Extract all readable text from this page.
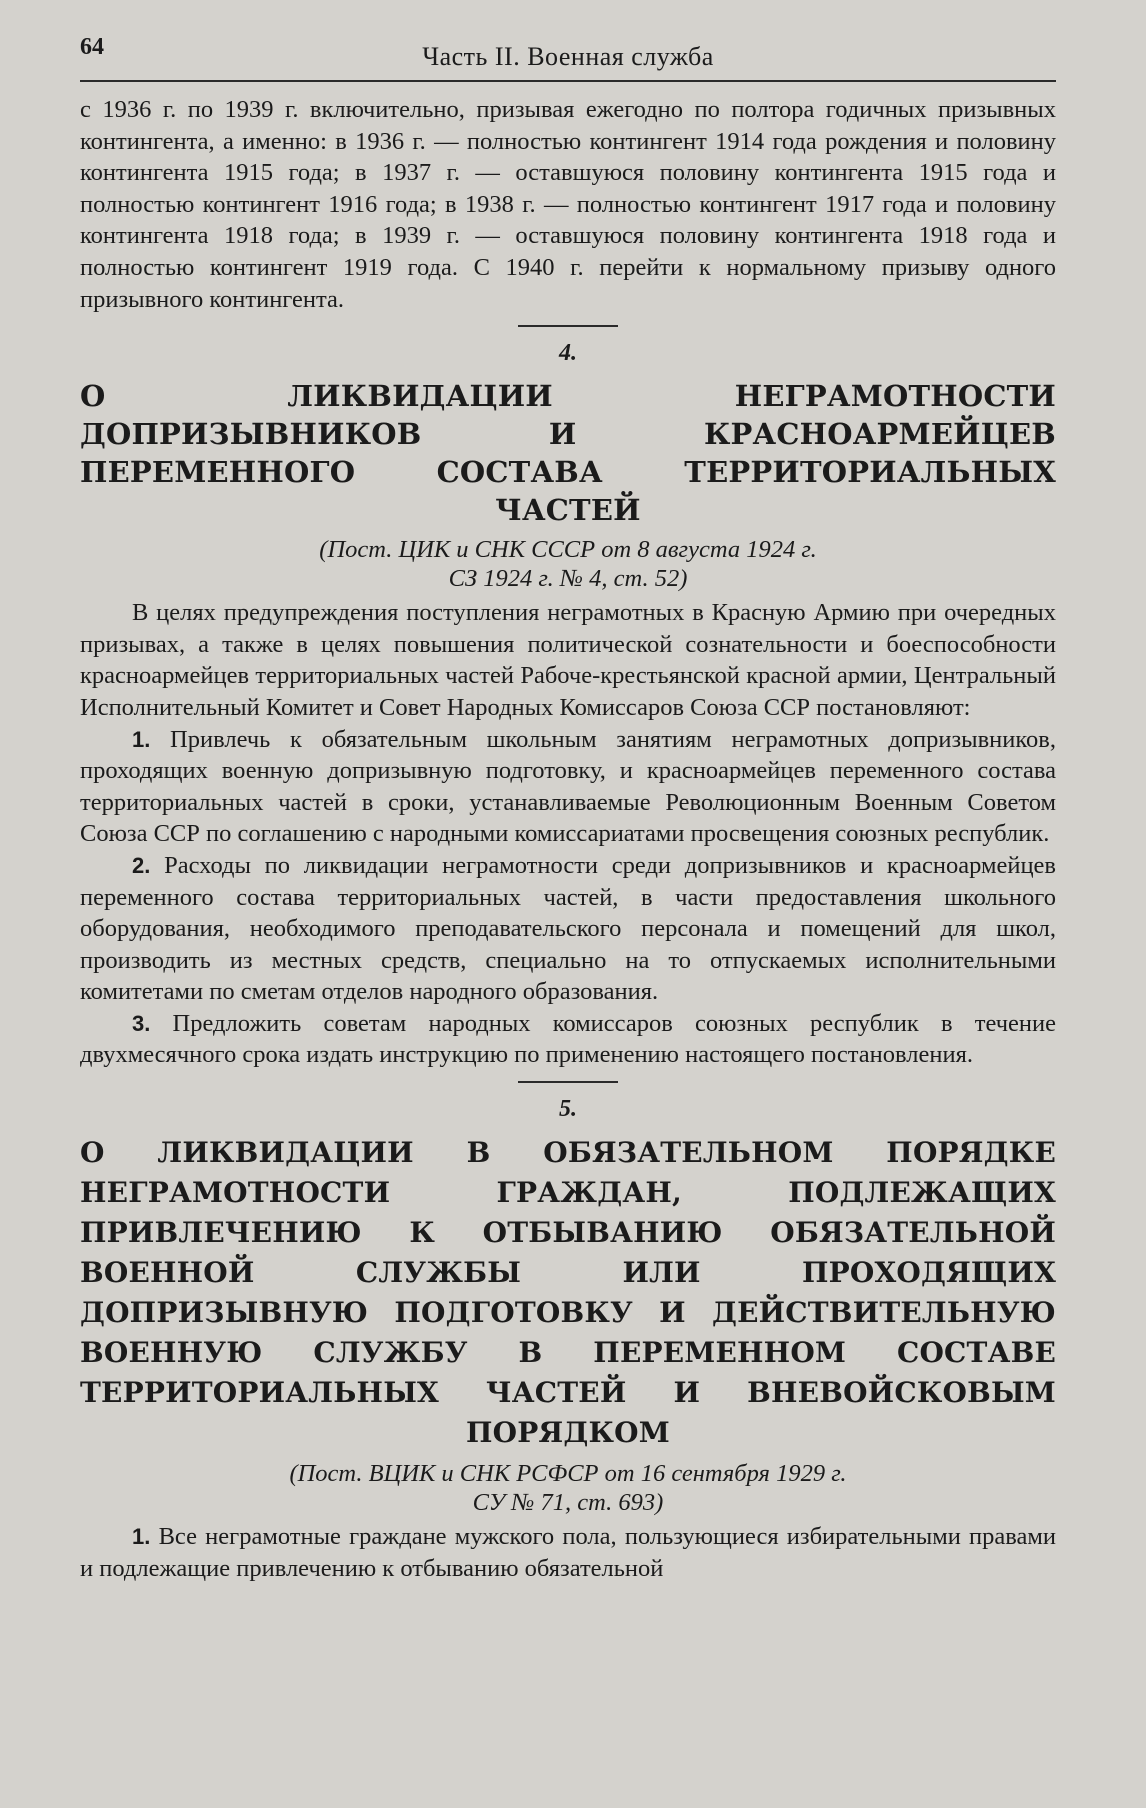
64	Часть II. Военная служба

с 1936 г. по 1939 г. включительно, призывая ежегодно по полтора годичных призывных контингента, а именно: в 1936 г. — полностью контингент 1914 года рождения и половину контингента 1915 года; в 1937 г. — оставшуюся половину контингента 1915 года и полностью контингент 1916 года; в 1938 г. — полностью контингент 1917 года и половину контингента 1918 года; в 1939 г. — оставшуюся половину контингента 1918 года и полностью контингент 1919 года. С 1940 г. перейти к нормальному призыву одного призывного контингента.

4.
О ЛИКВИДАЦИИ НЕГРАМОТНОСТИ ДОПРИЗЫВНИКОВ И КРАСНОАРМЕЙЦЕВ ПЕРЕМЕННОГО СОСТАВА ТЕРРИТОРИАЛЬНЫХ ЧАСТЕЙ
(Пост. ЦИК и СНК СССР от 8 августа 1924 г.
СЗ 1924 г. № 4, ст. 52)

В целях предупреждения поступления неграмотных в Красную Армию при очередных призывах, а также в целях повышения политической сознательности и боеспособности красноармейцев территориальных частей Рабоче-крестьянской красной армии, Центральный Исполнительный Комитет и Совет Народных Комиссаров Союза ССР постановляют:

1. Привлечь к обязательным школьным занятиям неграмотных допризывников, проходящих военную допризывную подготовку, и красноармейцев переменного состава территориальных частей в сроки, устанавливаемые Революционным Военным Советом Союза ССР по соглашению с народными комиссариатами просвещения союзных республик.

2. Расходы по ликвидации неграмотности среди допризывников и красноармейцев переменного состава территориальных частей, в части предоставления школьного оборудования, необходимого преподавательского персонала и помещений для школ, производить из местных средств, специально на то отпускаемых исполнительными комитетами по сметам отделов народного образования.

3. Предложить советам народных комиссаров союзных республик в течение двухмесячного срока издать инструкцию по применению настоящего постановления.

5.
О ЛИКВИДАЦИИ В ОБЯЗАТЕЛЬНОМ ПОРЯДКЕ НЕГРАМОТНОСТИ ГРАЖДАН, ПОДЛЕЖАЩИХ ПРИВЛЕЧЕНИЮ К ОТБЫВАНИЮ ОБЯЗАТЕЛЬНОЙ ВОЕННОЙ СЛУЖБЫ ИЛИ ПРОХОДЯЩИХ ДОПРИЗЫВНУЮ ПОДГОТОВКУ И ДЕЙСТВИТЕЛЬНУЮ ВОЕННУЮ СЛУЖБУ В ПЕРЕМЕННОМ СОСТАВЕ ТЕРРИТОРИАЛЬНЫХ ЧАСТЕЙ И ВНЕВОЙСКОВЫМ ПОРЯДКОМ
(Пост. ВЦИК и СНК РСФСР от 16 сентября 1929 г.
СУ № 71, ст. 693)

1. Все неграмотные граждане мужского пола, пользующиеся избирательными правами и подлежащие привлечению к отбыванию обязательной
